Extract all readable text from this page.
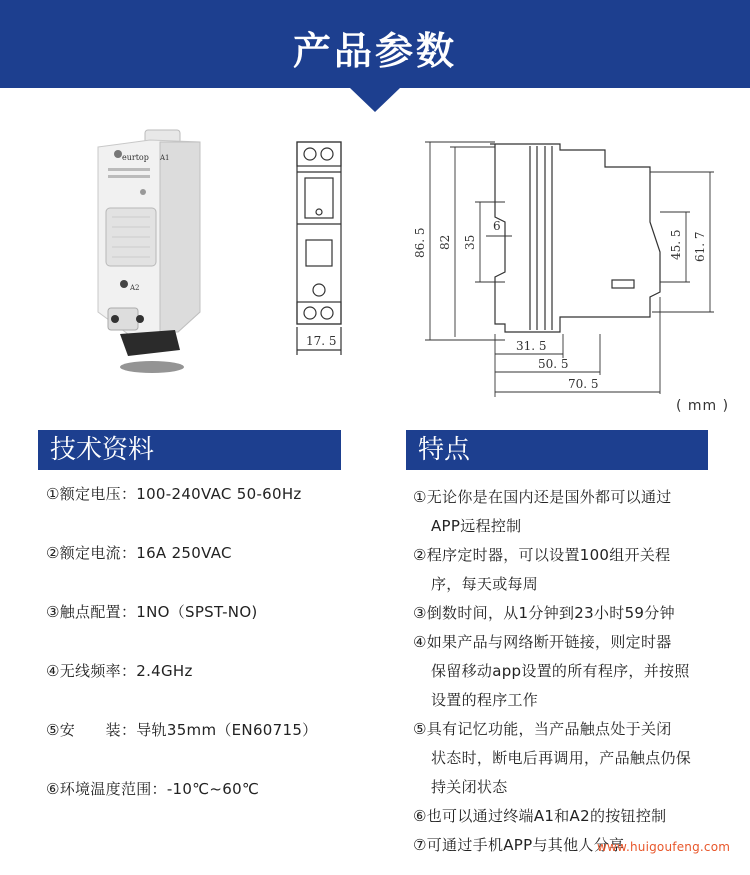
产品参数
eurtop A1
A2
17. 5
86. 5 82 35
6
45. 5 61. 7
31. 5
50. 5
70. 5
( mm )
技术资料	特点
①额定电压：100-240VAC 50-60Hz
②额定电流：16A 250VAC
③触点配置：1NO（SPST-NO)
④无线频率：2.4GHz
⑤安　　装：导轨35mm（EN60715）
⑥环境温度范围：-10℃~60℃
①无论你是在国内还是国外都可以通过
APP远程控制
②程序定时器，可以设置100组开关程
序，每天或每周
③倒数时间，从1分钟到23小时59分钟
④如果产品与网络断开链接，则定时器
保留移动app设置的所有程序，并按照
设置的程序工作
⑤具有记忆功能，当产品触点处于关闭
状态时，断电后再调用，产品触点仍保
持关闭状态
⑥也可以通过终端A1和A2的按钮控制
⑦可通过手机APP与其他人分享
www.huigoufeng.com
